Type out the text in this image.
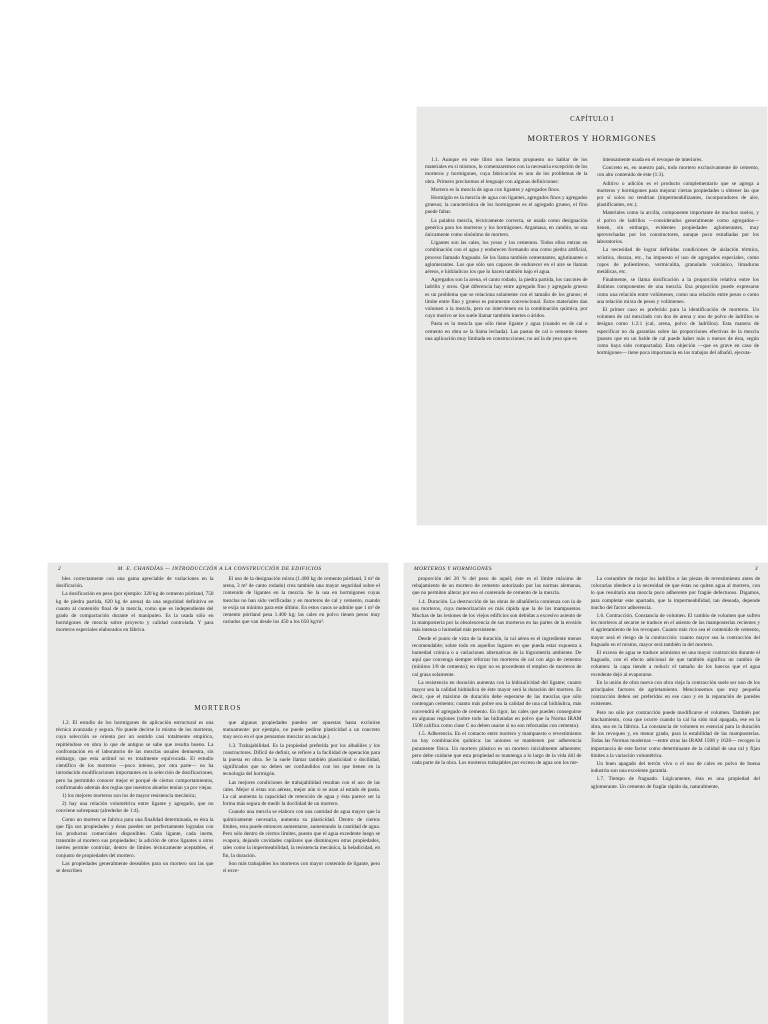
CAPÍTULO I
MORTEROS Y HORMIGONES

1.1. Aunque en este libro nos hemos propuesto no hablar de los materiales en sí mismos, lo comenzaremos con la necesaria excepción de los morteros y hormigones, cuya fabricación es uno de los problemas de la obra. Primero precisemos el lenguaje con algunas definiciones:

Mortero es la mezcla de agua con ligantes y agregados finos.

Hormigón es la mezcla de agua con ligantes, agregados finos y agregados gruesos; la característica de los hormigones es el agregado grueso, el fino puede faltar.

La palabra mezcla, técnicamente correcta, se usada como designación genérica para los morteros y los hormigones. Argamasa, en cambio, se usa únicamente como sinónimo de mortero.

Ligantes son las cales, los yesos y los cementos. Todos ellos entran en combinación con el agua y endurecen formando una como piedra artificial, proceso llamado fraguado. Se los llama también cementantes, aglutinantes o aglomerantes. Los que sólo son capaces de endurecer en el aire se llaman aéreos, e hidráulicos los que lo hacen también bajo el agua.

Agregados son la arena, el canto rodado, la piedra partida, los cascotes de ladrillo y otros. Qué diferencia hay entre agregado fino y agregado grueso es un problema que se relaciona solamente con el tamaño de los granos; el límite entre fino y grueso es puramente convencional. Estos materiales dan volumen a la mezcla, pero no intervienen en la combinación química, por cuyo motivo se los suele llamar también inertes o áridos.

Pasta es la mezcla que sólo tiene ligante y agua (cuando es de cal o cemento en obra se la llama lechada). Las pastas de cal o cemento tienen una aplicación muy limitada en construcciones; no así la de yeso que es

intensamente usada en el revoque de interiores.

Concreto es, en nuestro país, todo mortero exclusivamente de cemento, con alto contenido de éste (1:3).

Aditivo o adición es el producto complementario que se agrega a morteros y hormigones para mejorar ciertas propiedades u obtener las que por sí solos no tendrían (impermeabilizantes, incorporadores de aire, plastificantes, etc.).

Materiales como la arcilla, componente importante de muchos suelos, y el polvo de ladrillos —considerados generalmente como agregados— tienen, sin embargo, evidentes propiedades aglomerantes, muy aprovechadas por los constructores, aunque poco estudiadas por los laboratorios.

La necesidad de lograr definidas condiciones de aislación térmica, acústica, duraza, etc., ha impuesto el uso de agregados especiales, como copos de poliestireno, vermiculita, granulado volcánico, limaduras metálicas, etc.

Finalmente, se llama dosificación a la proporción relativa entre los distintos componentes de una mezcla. Esa proporción puede expresarse como una relación entre volúmenes, como una relación entre pesos o como una relación mixta de pesos y volúmenes.

El primer caso es preferido para la identificación de morteros. Un volumen de cal mezclado con dos de arena y uno de polvo de ladrillos se designa como 1:2:1 (cal, arena, polvo de ladrillos). Esta manera de especificar no da garantías sobre las proporciones efectivas de la mezcla (puesto que en un balde de cal puede haber más o menos de ésta, según como haya sido compactada). Esta objeción —que es grave en caso de hormigones— tiene poca importancia en los trabajos del albañil, ejecuta-

2	M. E. CHANDÍAS — INTRODUCCIÓN A LA CONSTRUCCIÓN DE EDIFICIOS

bles correctamente con una gama apreciable de variaciones en la dosificación.

La dosificación en peso (por ejemplo: 320 kg de cemento pórtland, 750 kg de piedra partida, 620 kg de arena) da una seguridad definitiva en cuanto al contenido final de la mezcla, como que es independiente del grado de compactación durante el manipuleo. Es la usada sólo en hormigones de mezcla sobre proyecto y calidad controlada. Y para morteros especiales elaborados en fábrica.

El uso de la designación mixta (1.400 kg de cemento pórtland, 3 m³ de arena, 3 m³ de canto rodado) crea también una mayor seguridad sobre el contenido de ligantes en la mezcla. Se la usa en hormigones cuyas mezclas no han sido verificadas y en morteros de cal y cemento, cuando se exija un mínimo para este último. En estos casos se admite que 1 m³ de cemento pórtland pesa 1.400 kg; las cales en polvo tienen pesos muy variados que van desde los 450 a los 650 kg/m³.

MORTEROS

1.2. El estudio de los hormigones de aplicación estructural es una técnica avanzada y segura. No puede decirse lo mismo de los morteros, cuya selección se orienta por un sentido casi totalmente empírico, repitiéndose en obra lo que de antiguo se sabe que resulta bueno. La confrontación en el laboratorio de las mezclas usuales demuestra, sin embargo, que esta actitud no es totalmente equivocada. El estudio científico de los morteros —poco intenso, por otra parte— no ha introducido modificaciones importantes en la selección de dosificaciones, pero ha permitido conocer mejor el porqué de ciertos comportamientos, confirmando además dos reglas que nuestros abuelos tenían ya por viejas.

1) los mejores morteros son los de mayor resistencia mecánica;

2) hay una relación volumétrica entre ligante y agregado, que no conviene sobrepasar (alrededor de 1:4).

Como un mortero se fabrica para una finalidad determinada, es ésta la que fija sus propiedades y éstas pueden ser perfectamente logradas con los productos comerciales disponibles. Cada ligante, cada inerte, transmite al mortero sus propiedades; la adición de otros ligantes u otros inertes permite controlar, dentro de límites técnicamente aceptables, el conjunto de propiedades del mortero.

Las propiedades generalmente deseables para un mortero son las que se describen

que algunas propiedades pueden ser opuestas hasta excluirse mutuamente: por ejemplo, no puede pedirse plasticidad a un concreto muy seco en el que pensamos mezclar un anclaje.)

1.3. Trabajabilidad. Es la propiedad preferida por los albañiles y los constructores. Difícil de definir, se refiere a la facilidad de operación para la puesta en obra. Se la suele llamar también plasticidad o docilidad, significados que no deben ser confundidos con los que tienen en la tecnología del hormigón.

Las mejores condiciones de trabajabilidad resultan con el uso de las cales. Mejor si éstas son aéreas, mejor aún si se usan al estado de pasta. La cal aumenta la capacidad de retención de agua y ésta parece ser la forma más segura de medir la docilidad de un mortero.

Cuando una mezcla se elabora con una cantidad de agua mayor que la químicamente necesaria, aumenta su plasticidad. Dentro de ciertos límites, esta puede entonces aumentarse, aumentando la cantidad de agua. Pero sólo dentro de ciertos límites, puesto que el agua excedente luego se evapora, dejando cavidades capilares que disminuyen otras propiedades, tales como la impermeabilidad, la resistencia mecánica, la heladicidad, en fin, la duración.

Son más trabajables los morteros con mayor contenido de ligante, pero el exce-

MORTEROS Y HORMIGONES	3

proporción del 20 % del peso de aquél; éste es el límite máximo de rebajamiento de un mortero de cemento autorizado por las normas alemanas, que no permiten alterar por eso el contenido de cemento de la mezcla.

1.4. Duración. La destrucción de las obras de albañilería comienza con la de sus morteros, cuya meteorización es más rápida que la de los mampuestos. Muchas de las lesiones de los viejos edificios son debidas a excesivo asiento de la mampostería por la obsolescencia de sus morteros en las partes de la erosión más intensa o humedad más persistente.

Desde el punto de vista de la duración, la cal aérea es el ingrediente menos recomendable; sobre todo en aquellos lugares en que pueda estar expuesta a humedad crónica o a variaciones alternativas de la higrometría ambiente. De aquí que convenga siempre reforzar los morteros de cal con algo de cemento (mínimo 1/8 de cemento); en rigor no es procedente el empleo de morteros de cal grasa solamente.

La resistencia en duración aumenta con la hidraulicidad del ligante; cuanto mayor sea la calidad hidráulica de éste mayor será la duración del mortero. Es decir, que el máximo de duración debe esperarse de las mezclas que sólo contengan cemento; cuanto más pobre sea la calidad de una cal hidráulica, más convendrá el agregado de cemento. En rigor, las cales que pueden conseguirse en algunas regiones (sobre todo las hidratadas en polvo que la Norma IRAM 1508 califica como clase C no deben usarse si no son reforzadas con cemento).

1.5. Adherencia. En el contacto entre mortero y mampuesto o revestimiento no hay combinación química: las uniones se mantienen por adherencia puramente física. Un mortero plástico es un mortero inicialmente adherente; pero debe cuidarse que esta propiedad se mantenga a lo largo de la vida útil de cada parte de la obra. Los morteros trabajables por exceso de agua son los me-

La costumbre de mojar los ladrillos o las piezas de revestimiento antes de colocarlas obedece a la necesidad de que éstas no quiten agua al mortero, con lo que resultaría una mezcla poco adherente por fragüe defectuoso. Digamos, para completar este apartado, que la impermeabilidad, tan deseada, depende mucho del factor adherencia.

1.6. Contracción. Constancia de volumen. El cambio de volumen que sufren los morteros al secarse se traduce en el asiento de las mamposterías recientes y el agrietamiento de los revoques. Cuanto más rico sea el contenido de cemento, mayor será el riesgo de la contracción: cuanto mayor sea la contracción del fraguado en el mismo, mayor será también la del mortero.

El exceso de agua se traduce asimismo en una mayor contracción durante el fraguado, con el efecto adicional de que también significa un cambio de volumen: la capa tiende a reducir el tamaño de los huecos que el agua excedente dejó al evaporarse.

En la unión de obra nueva con obra vieja la contracción suele ser uno de los principales factores de agrietamiento. Mencionemos que muy pequeña contracción deben ser preferidos en ese caso y en la reparación de paredes existentes.

Pero no sólo por contracción puede modificarse el volumen. También por hinchamiento, cosa que ocurre cuando la cal ha sido mal apagada, ese en la obra, sea en la fábrica. La constancia de volumen es esencial para la duración de los revoques y, en menor grado, para la estabilidad de las mamposterías. Todas las Normas modernas —entre otras las IRAM 1508 y 1626— recogen la importancia de este factor como determinante de la calidad de una cal y fijan límites a la variación volumétrica.

Un buen apagado del terrón vivo o el uso de cales en polvo de buena industria son una excelente garantía.

1.7. Tiempo de fraguado. Lógicamente, ésta es una propiedad del aglomerante. Un cemento de fragüe rápido da, naturalmente,
